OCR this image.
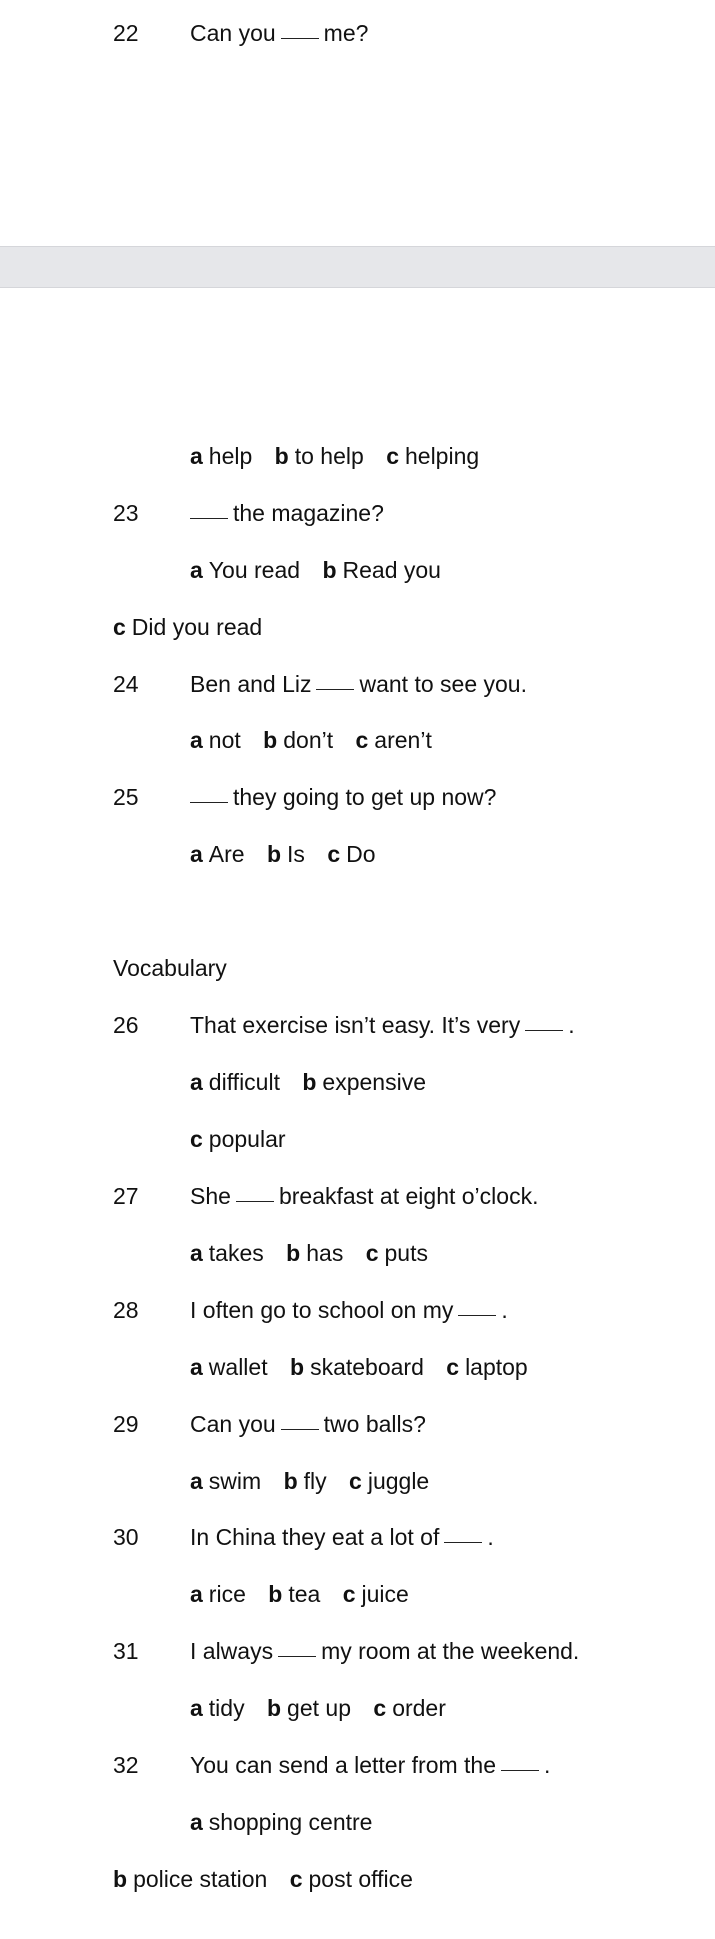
22 Can you me?
a help b to help c helping
23	the magazine?
a You read b Read you
c Did you read
24 Ben and Liz want to see you.
a not b don’t c aren’t
25	they going to get up now?
a Are b Is c Do
Vocabulary
26 That exercise isn’t easy. It’s very .
a difficult b expensive
c popular
27 She breakfast at eight o’clock.
a takes b has c puts
28 I often go to school on my .
a wallet b skateboard c laptop
29 Can you two balls?
a swim b fly c juggle
30 In China they eat a lot of .
a rice b tea c juice
31 I always my room at the weekend.
a tidy b get up c order
32 You can send a letter from the .
a shopping centre
b police station c post office
